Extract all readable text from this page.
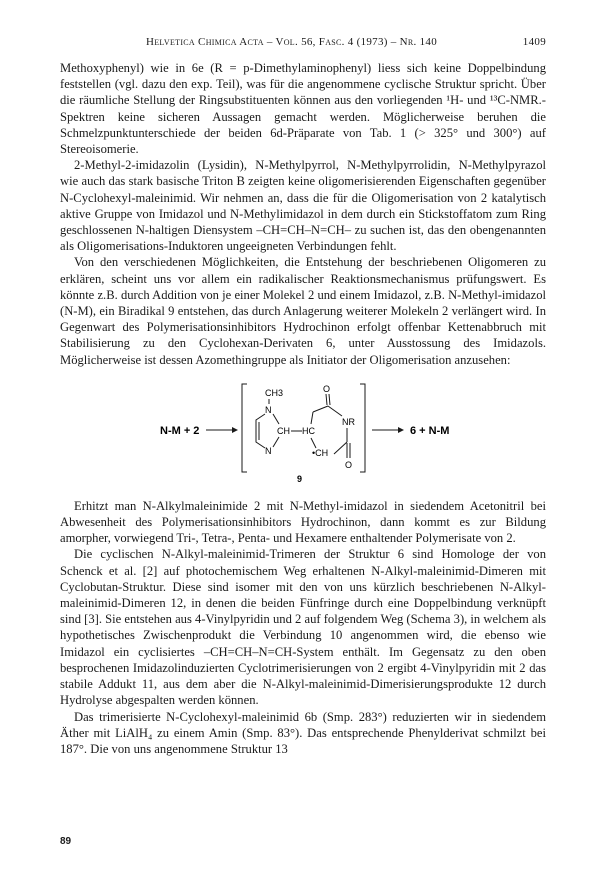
Helvetica Chimica Acta – Vol. 56, Fasc. 4 (1973) – Nr. 140	1409

Methoxyphenyl) wie in 6e (R = p-Dimethylaminophenyl) liess sich keine Doppelbindung feststellen (vgl. dazu den exp. Teil), was für die angenommene cyclische Struktur spricht. Über die räumliche Stellung der Ringsubstituenten können aus den vorliegenden ¹H- und ¹³C-NMR.-Spektren keine sicheren Aussagen gemacht werden. Möglicherweise beruhen die Schmelzpunktunterschiede der beiden 6d-Präparate von Tab. 1 (> 325° und 300°) auf Stereoisomerie.

2-Methyl-2-imidazolin (Lysidin), N-Methylpyrrol, N-Methylpyrrolidin, N-Methylpyrazol wie auch das stark basische Triton B zeigten keine oligomerisierenden Eigenschaften gegenüber N-Cyclohexyl-maleinimid. Wir nehmen an, dass die für die Oligomerisation von 2 katalytisch aktive Gruppe von Imidazol und N-Methylimidazol in dem durch ein Stickstoffatom zum Ring geschlossenen N-haltigen Diensystem –CH=CH–N=CH– zu suchen ist, das den obengenannten als Oligomerisations-Induktoren ungeeigneten Verbindungen fehlt.

Von den verschiedenen Möglichkeiten, die Entstehung der beschriebenen Oligomeren zu erklären, scheint uns vor allem ein radikalischer Reaktionsmechanismus prüfungswert. Es könnte z.B. durch Addition von je einer Molekel 2 und einem Imidazol, z.B. N-Methyl-imidazol (N-M), ein Biradikal 9 entstehen, das durch Anlagerung weiterer Molekeln 2 verlängert wird. In Gegenwart des Polymerisationsinhibitors Hydrochinon erfolgt offenbar Kettenabbruch mit Stabilisierung zu den Cyclohexan-Derivaten 6, unter Ausstossung des Imidazols. Möglicherweise ist dessen Azomethingruppe als Initiator der Oligomerisation anzusehen:

N-M + 2
CH3
N
N
CH HC
O
NR
O
•CH
9
6 + N-M

Erhitzt man N-Alkylmaleinimide 2 mit N-Methyl-imidazol in siedendem Acetonitril bei Abwesenheit des Polymerisationsinhibitors Hydrochinon, dann kommt es zur Bildung amorpher, vorwiegend Tri-, Tetra-, Penta- und Hexamere enthaltender Polymerisate von 2.

Die cyclischen N-Alkyl-maleinimid-Trimeren der Struktur 6 sind Homologe der von Schenck et al. [2] auf photochemischem Weg erhaltenen N-Alkyl-maleinimid-Dimeren mit Cyclobutan-Struktur. Diese sind isomer mit den von uns kürzlich beschriebenen N-Alkyl-maleinimid-Dimeren 12, in denen die beiden Fünfringe durch eine Doppelbindung verknüpft sind [3]. Sie entstehen aus 4-Vinylpyridin und 2 auf folgendem Weg (Schema 3), in welchem als hypothetisches Zwischenprodukt die Verbindung 10 angenommen wird, die ebenso wie Imidazol ein cyclisiertes –CH=CH–N=CH-System enthält. Im Gegensatz zu den oben besprochenen Imidazolinduzierten Cyclotrimerisierungen von 2 ergibt 4-Vinylpyridin mit 2 das stabile Addukt 11, aus dem aber die N-Alkyl-maleinimid-Dimerisierungsprodukte 12 durch Hydrolyse abgespalten werden können.

Das trimerisierte N-Cyclohexyl-maleinimid 6b (Smp. 283°) reduzierten wir in siedendem Äther mit LiAlH₄ zu einem Amin (Smp. 83°). Das entsprechende Phenylderivat schmilzt bei 187°. Die von uns angenommene Struktur 13

89
